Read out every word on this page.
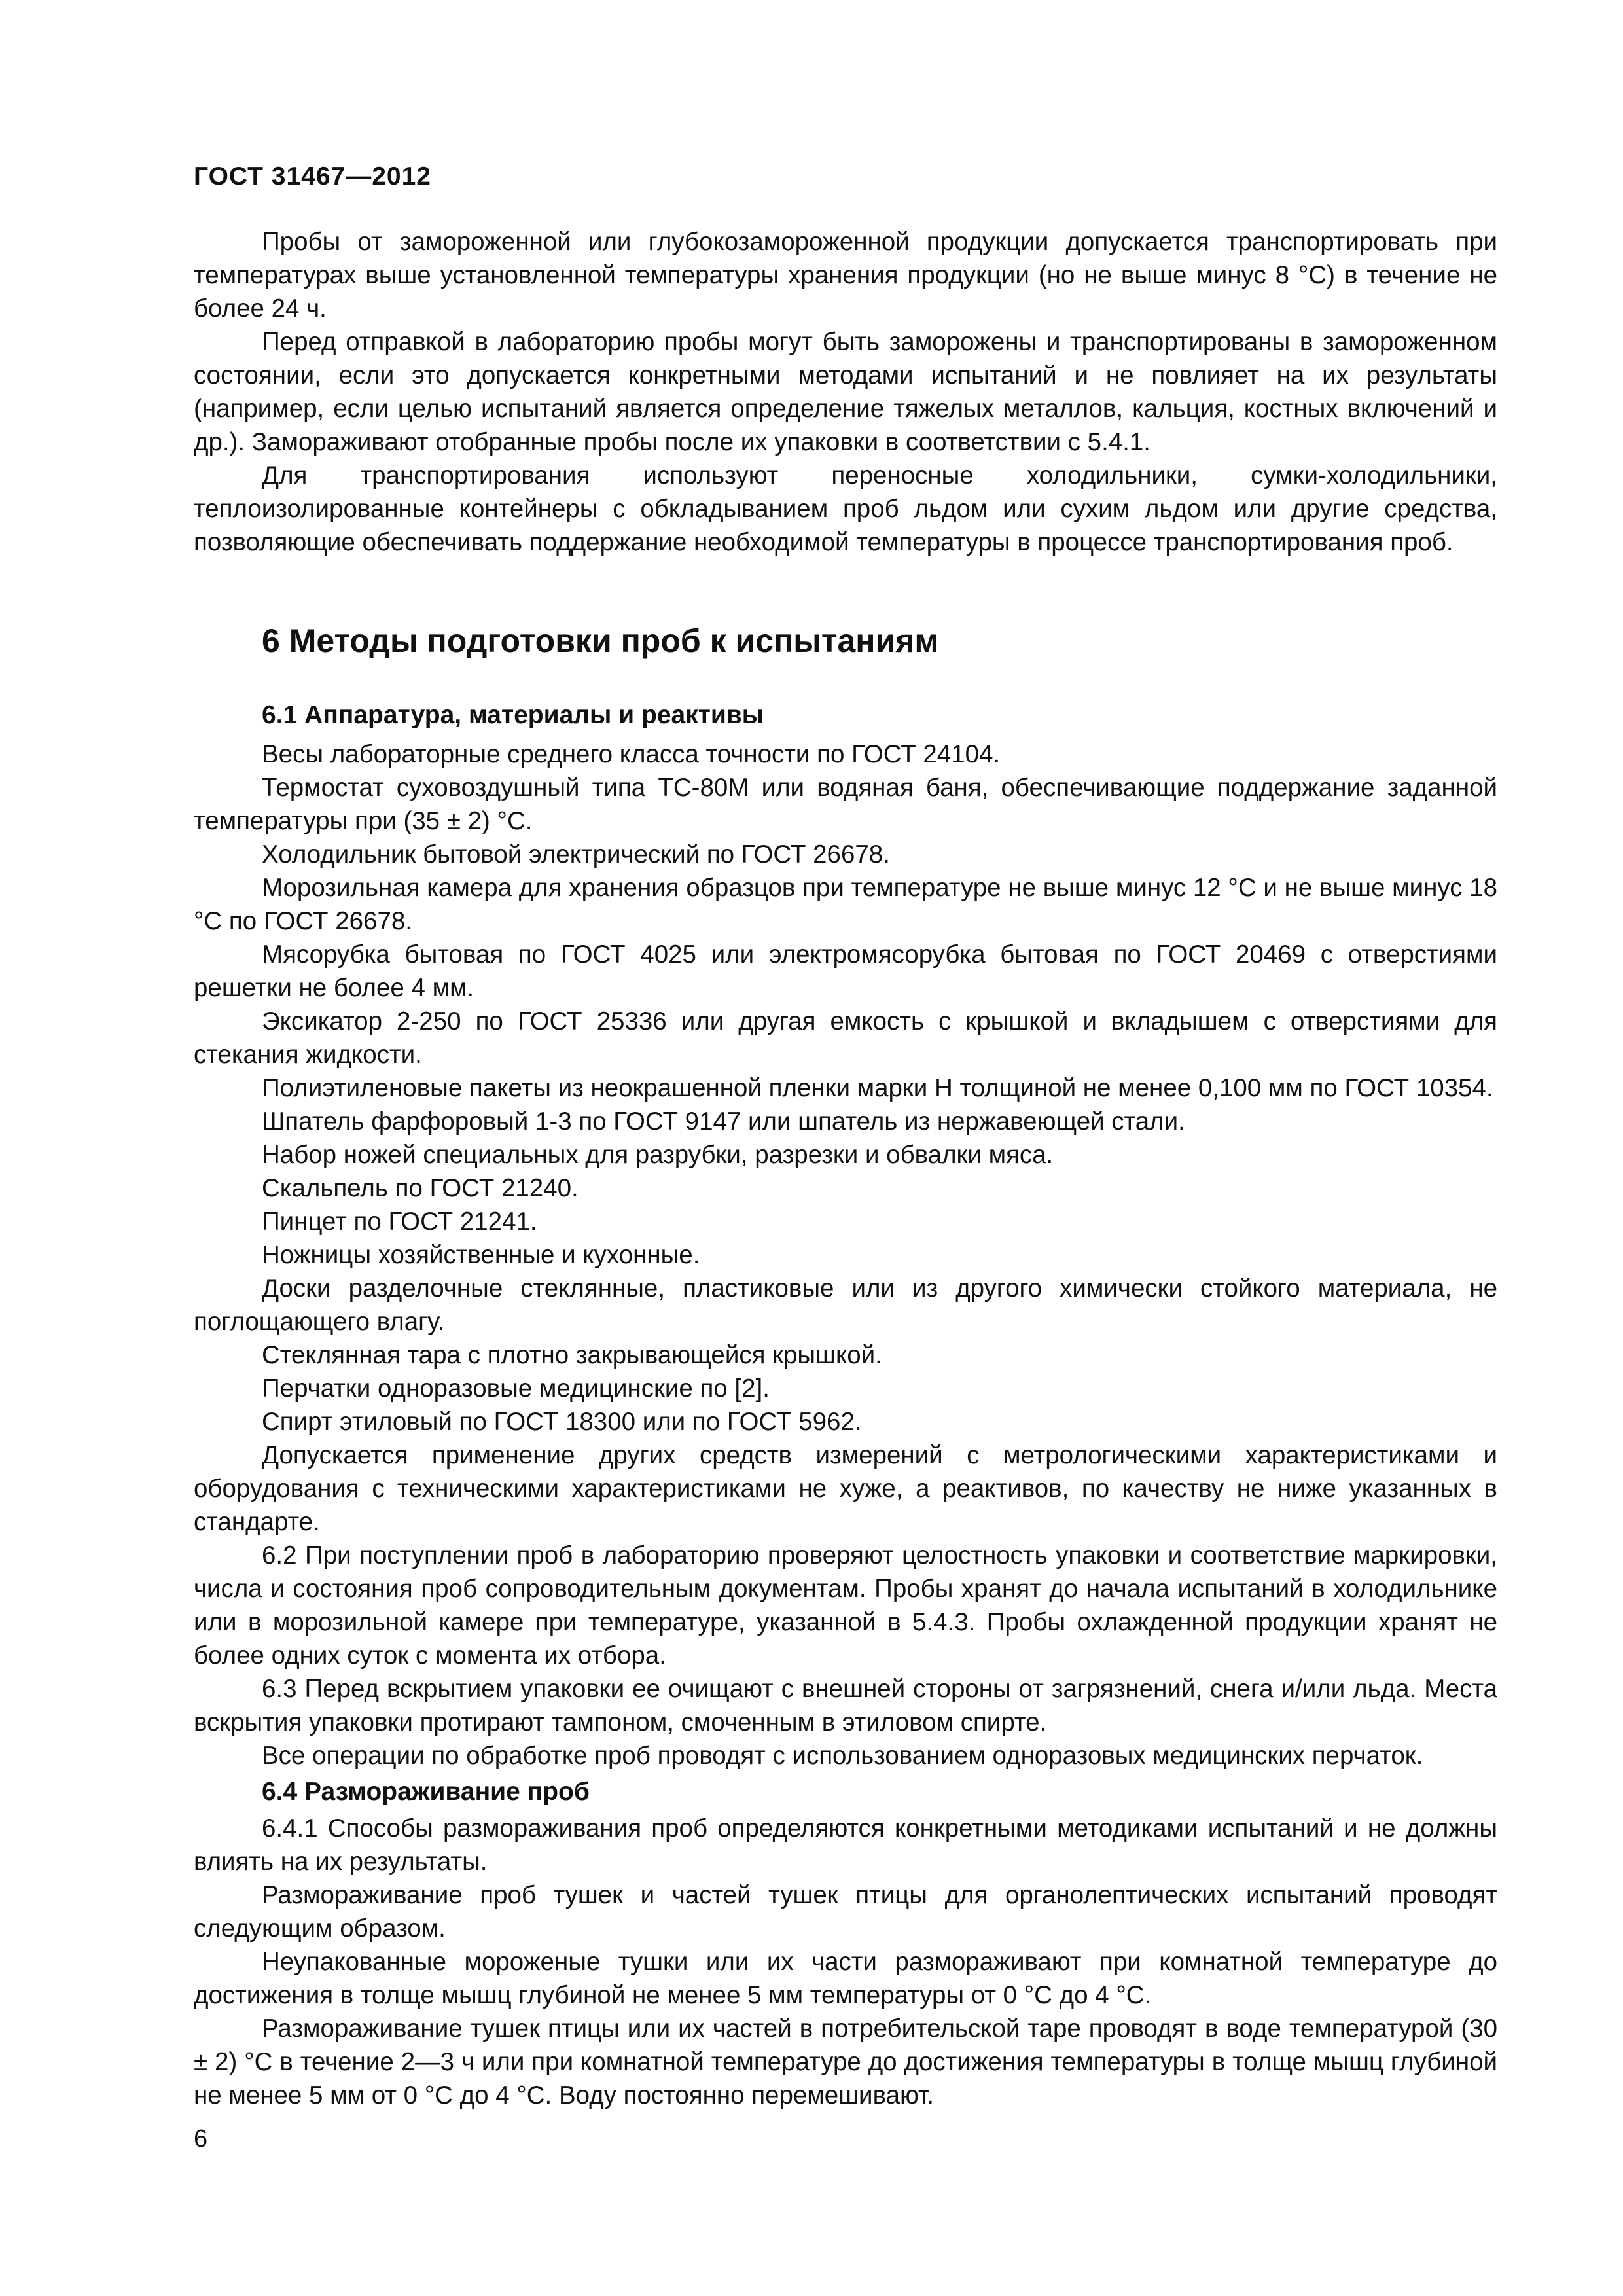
ГОСТ 31467—2012

Пробы от замороженной или глубокозамороженной продукции допускается транспортировать при температурах выше установленной температуры хранения продукции (но не выше минус 8 °С) в течение не более 24 ч.

Перед отправкой в лабораторию пробы могут быть заморожены и транспортированы в замороженном состоянии, если это допускается конкретными методами испытаний и не повлияет на их результаты (например, если целью испытаний является определение тяжелых металлов, кальция, костных включений и др.). Замораживают отобранные пробы после их упаковки в соответствии с 5.4.1.

Для транспортирования используют переносные холодильники, сумки-холодильники, теплоизолированные контейнеры с обкладыванием проб льдом или сухим льдом или другие средства, позволяющие обеспечивать поддержание необходимой температуры в процессе транспортирования проб.

6 Методы подготовки проб к испытаниям
6.1 Аппаратура, материалы и реактивы

Весы лабораторные среднего класса точности по ГОСТ 24104.

Термостат суховоздушный типа ТС-80М или водяная баня, обеспечивающие поддержание заданной температуры при (35 ± 2) °С.

Холодильник бытовой электрический по ГОСТ 26678.

Морозильная камера для хранения образцов при температуре не выше минус 12 °С и не выше минус 18 °С по ГОСТ 26678.

Мясорубка бытовая по ГОСТ 4025 или электромясорубка бытовая по ГОСТ 20469 с отверстиями решетки не более 4 мм.

Эксикатор 2-250 по ГОСТ 25336 или другая емкость с крышкой и вкладышем с отверстиями для стекания жидкости.

Полиэтиленовые пакеты из неокрашенной пленки марки Н толщиной не менее 0,100 мм по ГОСТ 10354.

Шпатель фарфоровый 1-3 по ГОСТ 9147 или шпатель из нержавеющей стали.

Набор ножей специальных для разрубки, разрезки и обвалки мяса.

Скальпель по ГОСТ 21240.

Пинцет по ГОСТ 21241.

Ножницы хозяйственные и кухонные.

Доски разделочные стеклянные, пластиковые или из другого химически стойкого материала, не поглощающего влагу.

Стеклянная тара с плотно закрывающейся крышкой.

Перчатки одноразовые медицинские по [2].

Спирт этиловый по ГОСТ 18300 или по ГОСТ 5962.

Допускается применение других средств измерений с метрологическими характеристиками и оборудования с техническими характеристиками не хуже, а реактивов, по качеству не ниже указанных в стандарте.

6.2 При поступлении проб в лабораторию проверяют целостность упаковки и соответствие маркировки, числа и состояния проб сопроводительным документам. Пробы хранят до начала испытаний в холодильнике или в морозильной камере при температуре, указанной в 5.4.3. Пробы охлажденной продукции хранят не более одних суток с момента их отбора.

6.3 Перед вскрытием упаковки ее очищают с внешней стороны от загрязнений, снега и/или льда. Места вскрытия упаковки протирают тампоном, смоченным в этиловом спирте.

Все операции по обработке проб проводят с использованием одноразовых медицинских перчаток.

6.4 Размораживание проб

6.4.1 Способы размораживания проб определяются конкретными методиками испытаний и не должны влиять на их результаты.

Размораживание проб тушек и частей тушек птицы для органолептических испытаний проводят следующим образом.

Неупакованные мороженые тушки или их части размораживают при комнатной температуре до достижения в толще мышц глубиной не менее 5 мм температуры от 0 °С до 4 °С.

Размораживание тушек птицы или их частей в потребительской таре проводят в воде температурой (30 ± 2) °С в течение 2—3 ч или при комнатной температуре до достижения температуры в толще мышц глубиной не менее 5 мм от 0 °С до 4 °С. Воду постоянно перемешивают.

6
